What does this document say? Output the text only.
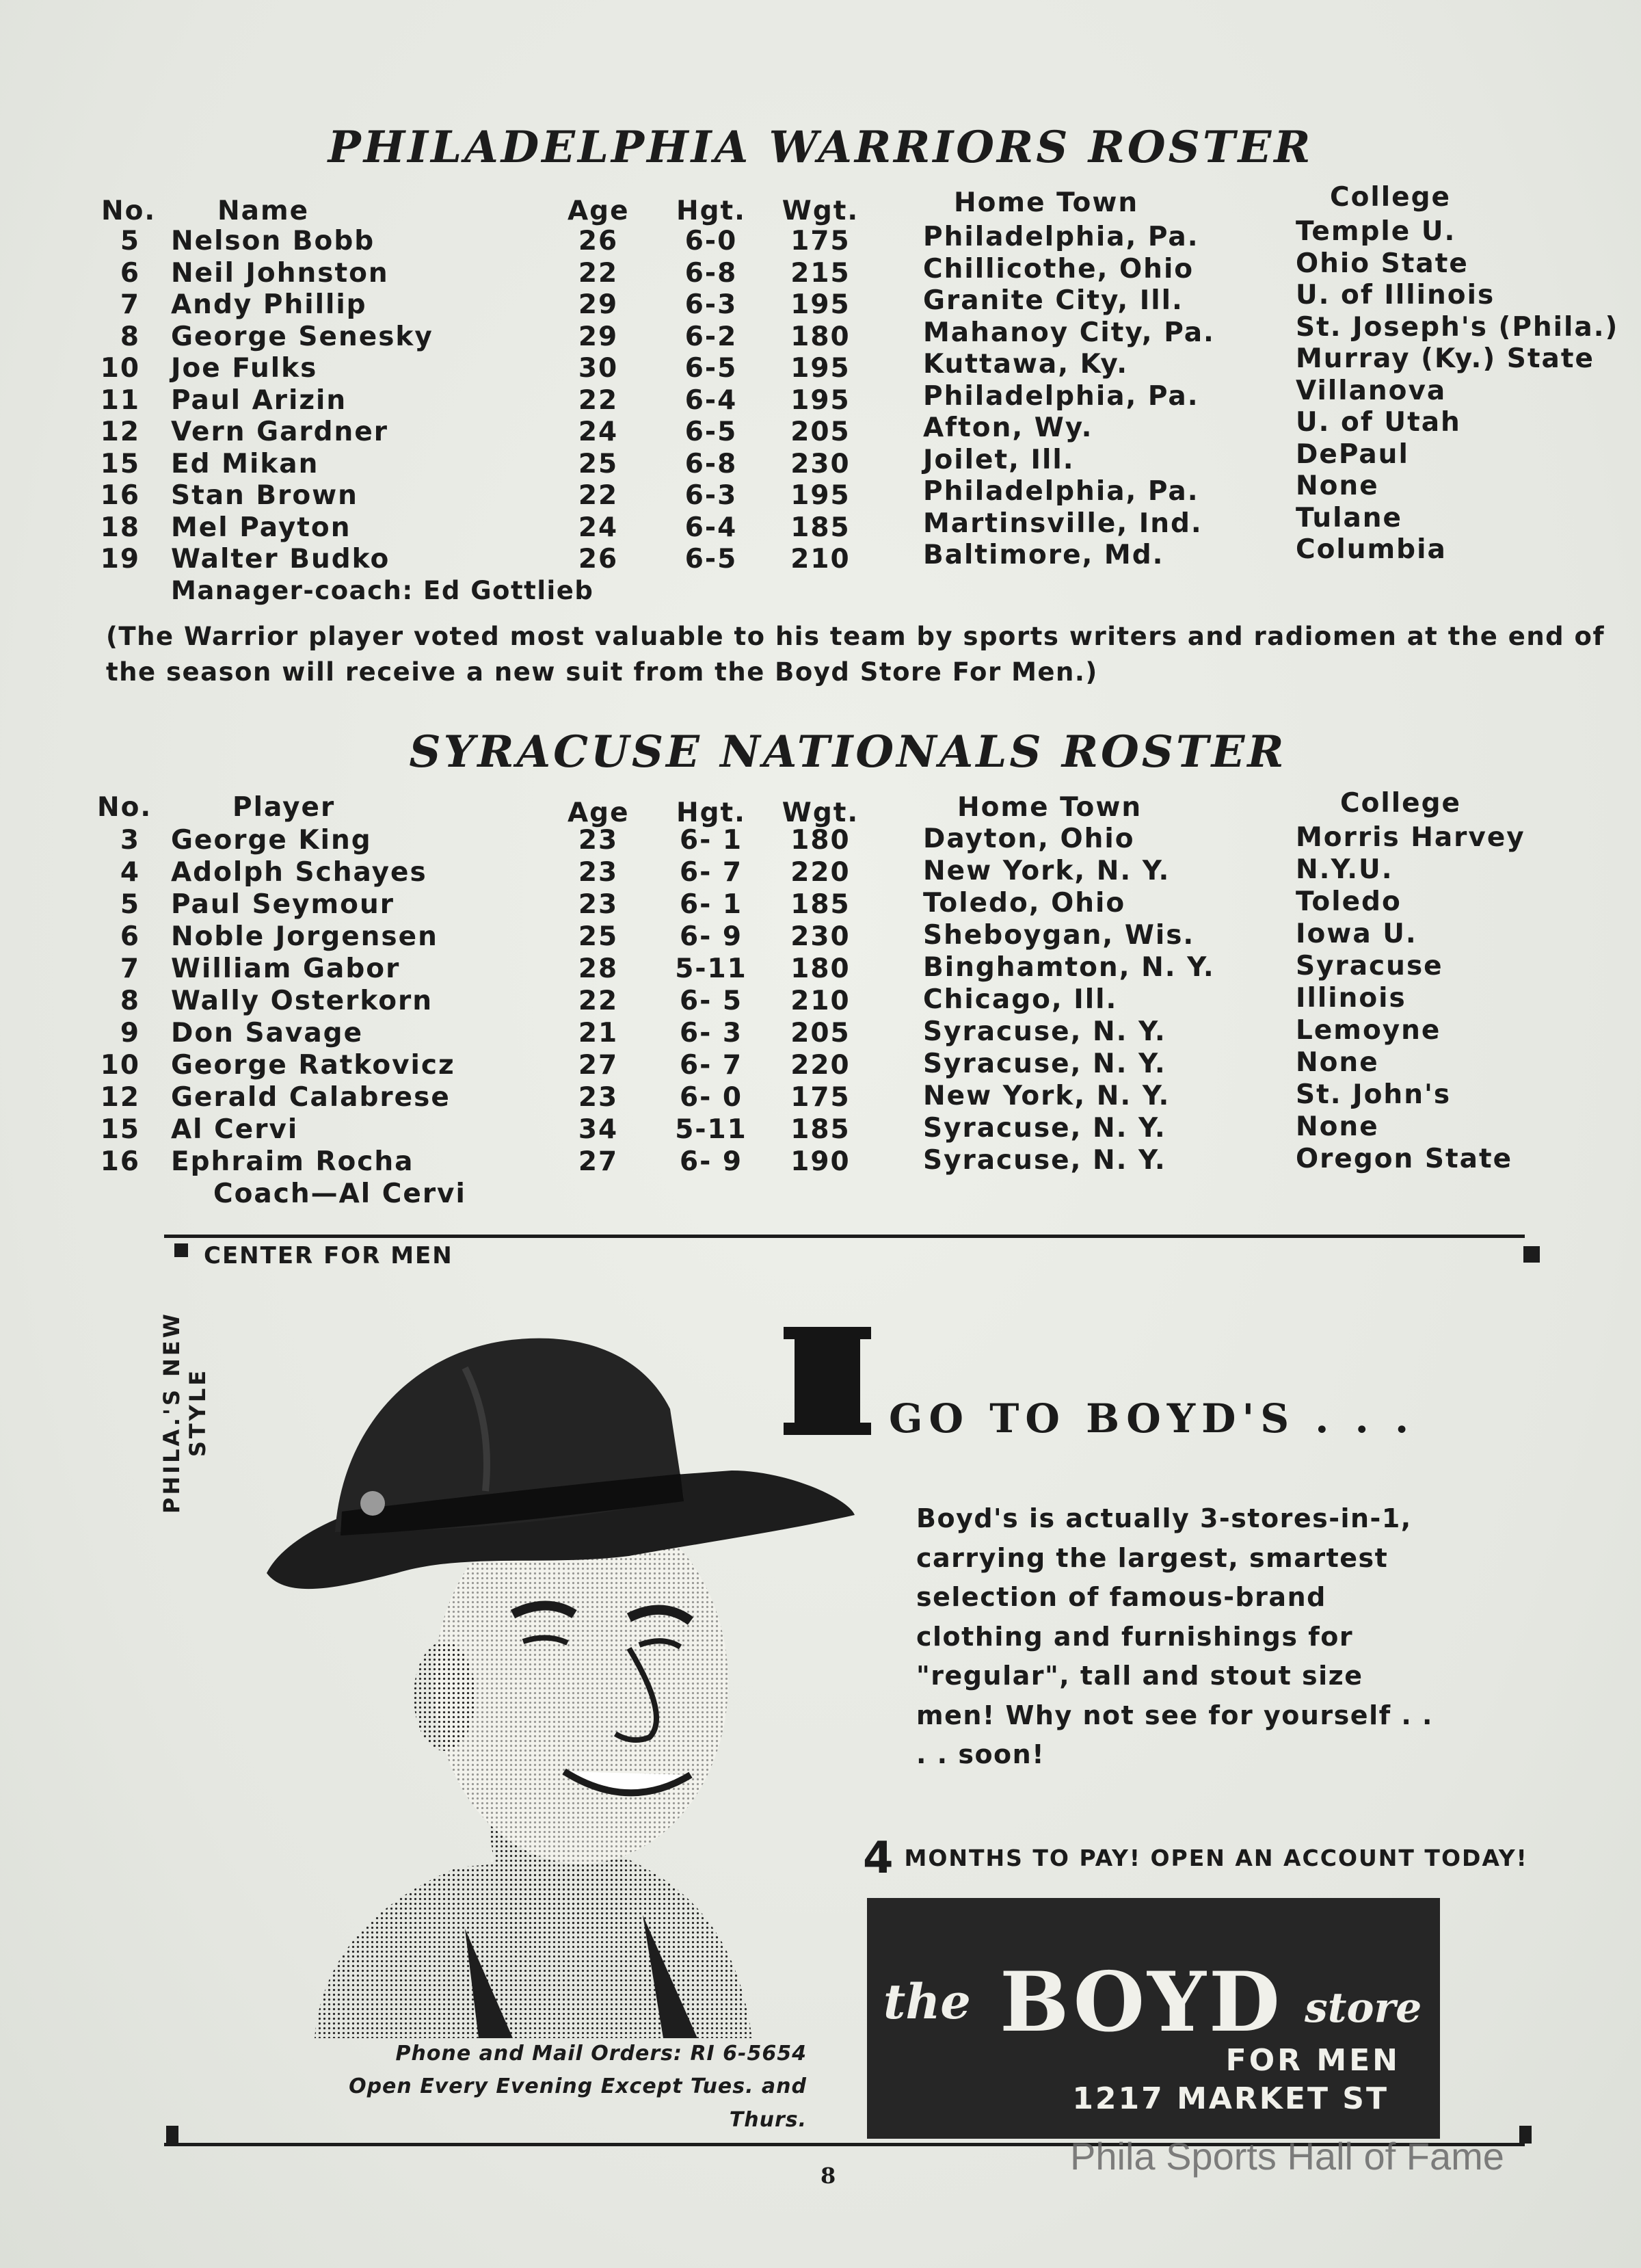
PHILADELPHIA WARRIORS ROSTER
No. Name	Age	Hgt.	Wgt.	Home Town	College
5 Nelson Bobb	26	6-0	175	Philadelphia, Pa.	Temple U.
6 Neil Johnston	22	6-8	215	Chillicothe, Ohio	Ohio State
7 Andy Phillip	29	6-3	195	Granite City, Ill.	U. of Illinois
8 George Senesky	29	6-2	180	Mahanoy City, Pa.	St. Joseph's (Phila.)
10 Joe Fulks	30	6-5	195	Kuttawa, Ky.	Murray (Ky.) State
11 Paul Arizin	22	6-4	195	Philadelphia, Pa.	Villanova
12 Vern Gardner	24	6-5	205	Afton, Wy.	U. of Utah
15 Ed Mikan	25	6-8	230	Joilet, Ill.	DePaul
16 Stan Brown	22	6-3	195	Philadelphia, Pa.	None
18 Mel Payton	24	6-4	185	Martinsville, Ind.	Tulane
19 Walter Budko	26	6-5	210	Baltimore, Md.	Columbia
Manager-coach: Ed Gottlieb
(The Warrior player voted most valuable to his team by sports writers and radiomen at the end of the season will receive a new suit from the Boyd Store For Men.)
SYRACUSE NATIONALS ROSTER
No.	Player	Age	Hgt.	Wgt.	Home Town	College
3 George King	23	6- 1	180	Dayton, Ohio	Morris Harvey
4 Adolph Schayes	23	6- 7	220	New York, N. Y.	N.Y.U.
5 Paul Seymour	23	6- 1	185	Toledo, Ohio	Toledo
6 Noble Jorgensen	25	6- 9	230	Sheboygan, Wis.	Iowa U.
7 William Gabor	28	5-11	180	Binghamton, N. Y.	Syracuse
8 Wally Osterkorn	22	6- 5	210	Chicago, Ill.	Illinois
9 Don Savage	21	6- 3	205	Syracuse, N. Y.	Lemoyne
10 George Ratkovicz	27	6- 7	220	Syracuse, N. Y.	None
12 Gerald Calabrese	23	6- 0	175	New York, N. Y.	St. John's
15 Al Cervi	34	5-11	185	Syracuse, N. Y.	None
16 Ephraim Rocha	27	6- 9	190	Syracuse, N. Y.	Oregon State
Coach—Al Cervi
CENTER FOR MEN
PHILA.'S NEW STYLE	GO TO BOYD'S . . .
Boyd's is actually 3-stores-in-1, carrying the largest, smartest selection of famous-brand clothing and furnishings for "regular", tall and stout size men! Why not see for yourself . . . . soon!
4 MONTHS TO PAY! OPEN AN ACCOUNT TODAY!
the BOYD store
FOR MEN
1217 MARKET ST
Phone and Mail Orders: RI 6-5654
Open Every Evening Except Tues. and Thurs.
8	Phila Sports Hall of Fame
